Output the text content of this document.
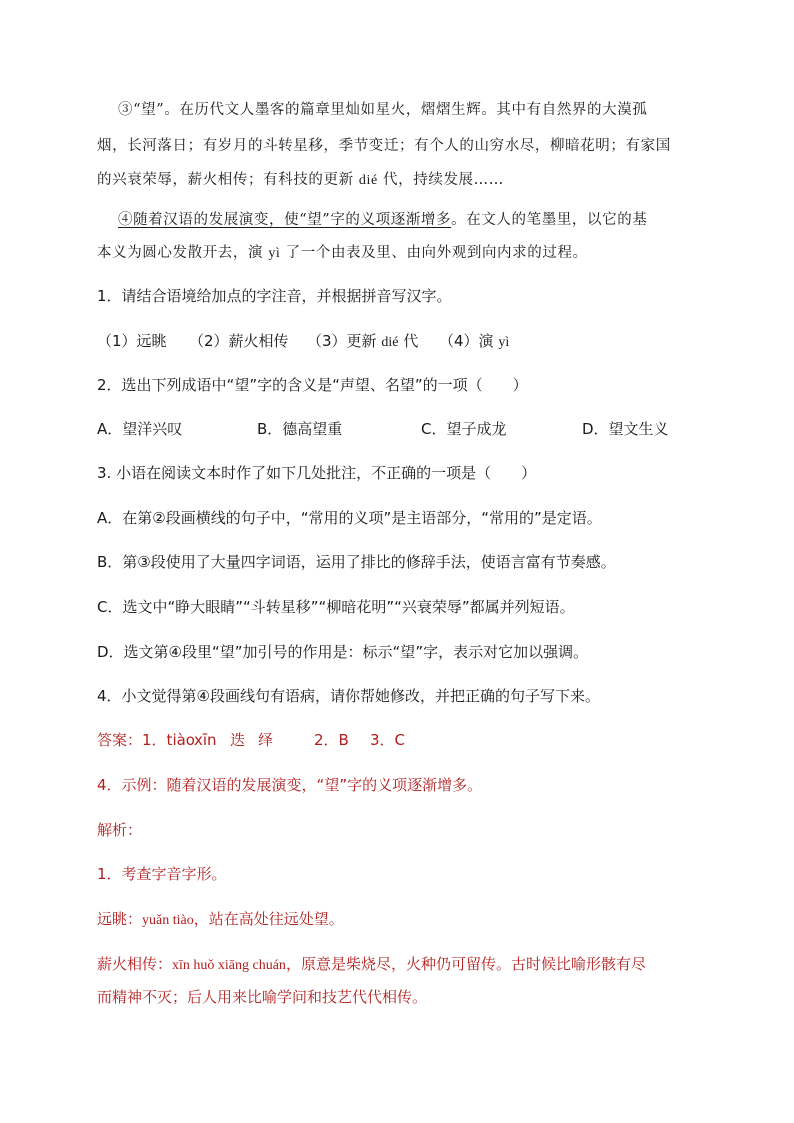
③“望”。在历代文人墨客的篇章里灿如星火，熠熠生辉。其中有自然界的大漠孤
烟，长河落日；有岁月的斗转星移，季节变迁；有个人的山穷水尽，柳暗花明；有家国
的兴衰荣辱，薪火相传；有科技的更新 dié 代，持续发展……
④随着汉语的发展演变，使“望”字的义项逐渐增多。在文人的笔墨里，以它的基
本义为圆心发散开去，演 yì 了一个由表及里、由向外观到向内求的过程。
1．请结合语境给加点的字注音，并根据拼音写汉字。
（1）远眺 （2）薪火相传 （3）更新 dié 代 （4）演 yì
2．选出下列成语中“望”字的含义是“声望、名望”的一项（　　）
A．望洋兴叹	B．德高望重	C．望子成龙	D．望文生义
3. 小语在阅读文本时作了如下几处批注，不正确的一项是（　　）
A．在第②段画横线的句子中，“常用的义项”是主语部分，“常用的”是定语。
B．第③段使用了大量四字词语，运用了排比的修辞手法，使语言富有节奏感。
C．选文中“睁大眼睛”“斗转星移”“柳暗花明”“兴衰荣辱”都属并列短语。
D．选文第④段里“望”加引号的作用是：标示“望”字，表示对它加以强调。
4．小文觉得第④段画线句有语病，请你帮她修改，并把正确的句子写下来。
答案：1．tiàoxīn 迭 绎	2．B 3．C
4．示例：随着汉语的发展演变，“望”字的义项逐渐增多。
解析：
1．考查字音字形。
远眺：yuǎn tiào，站在高处往远处望。
薪火相传：xīn huǒ xiāng chuán，原意是柴烧尽，火种仍可留传。古时候比喻形骸有尽
而精神不灭；后人用来比喻学问和技艺代代相传。
